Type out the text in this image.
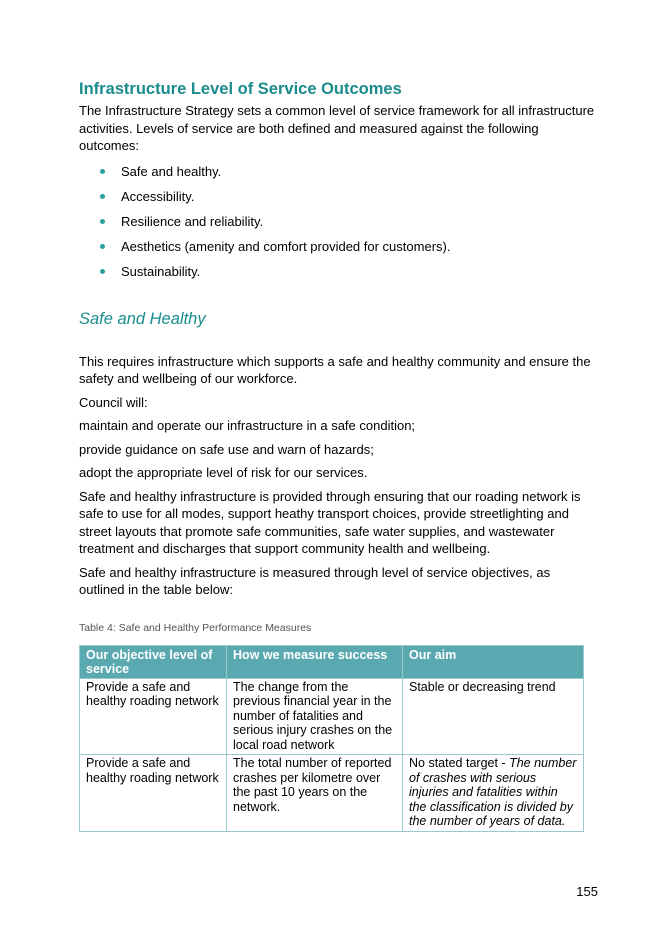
Infrastructure Level of Service Outcomes

The Infrastructure Strategy sets a common level of service framework for all infrastructure activities. Levels of service are both defined and measured against the following outcomes:

Safe and healthy.
Accessibility.
Resilience and reliability.
Aesthetics (amenity and comfort provided for customers).
Sustainability.
Safe and Healthy

This requires infrastructure which supports a safe and healthy community and ensure the safety and wellbeing of our workforce.

Council will:

maintain and operate our infrastructure in a safe condition;

provide guidance on safe use and warn of hazards;

adopt the appropriate level of risk for our services.

Safe and healthy infrastructure is provided through ensuring that our roading network is safe to use for all modes, support heathy transport choices, provide streetlighting and street layouts that promote safe communities, safe water supplies, and wastewater treatment and discharges that support community health and wellbeing.

Safe and healthy infrastructure is measured through level of service objectives, as outlined in the table below:

Table 4: Safe and Healthy Performance Measures
Our objective level of service	How we measure success	Our aim
Provide a safe and healthy roading network	The change from the previous financial year in the number of fatalities and serious injury crashes on the local road network	Stable or decreasing trend
Provide a safe and healthy roading network	The total number of reported crashes per kilometre over the past 10 years on the network.	No stated target - The number of crashes with serious injuries and fatalities within the classification is divided by the number of years of data.
155
